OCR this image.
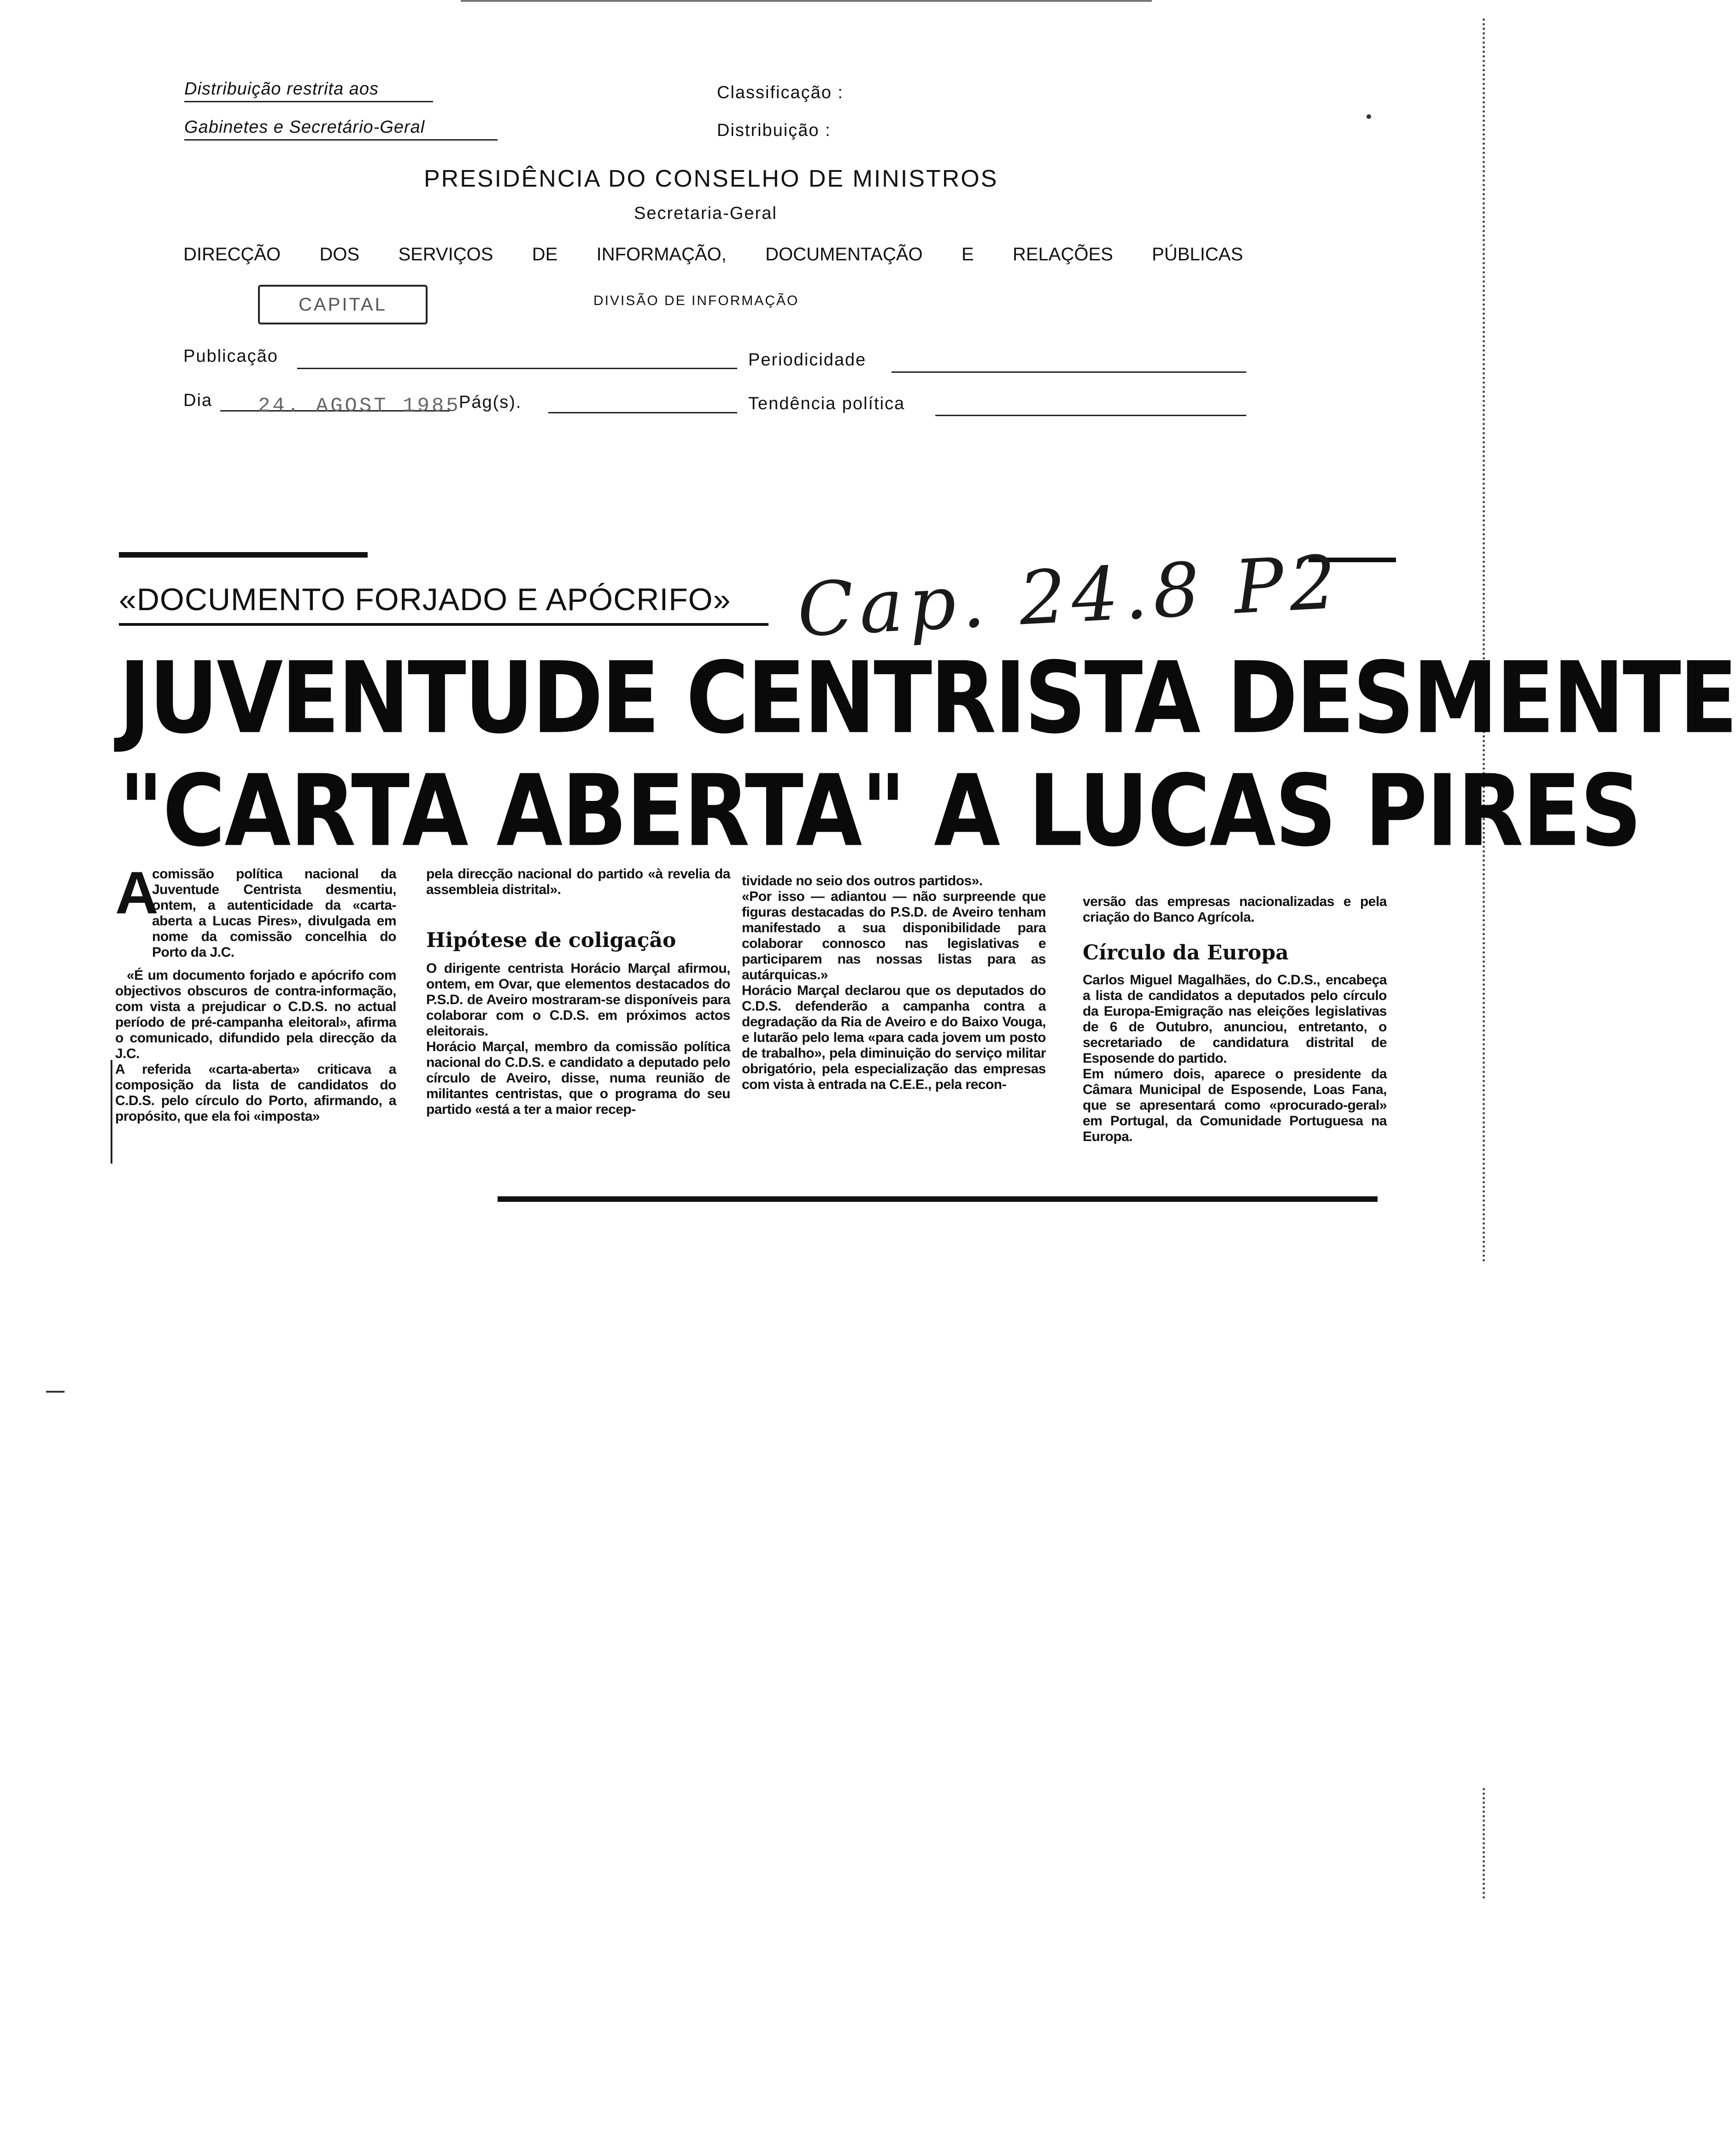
Distribuição restrita aos
Gabinetes e Secretário-Geral
Classificação :
Distribuição :
PRESIDÊNCIA DO CONSELHO DE MINISTROS
Secretaria-Geral
DIRECÇÃO DOS SERVIÇOS DE INFORMAÇÃO, DOCUMENTAÇÃO E RELAÇÕES PÚBLICAS
CAPITAL	DIVISÃO DE INFORMAÇÃO
Publicação	Periodicidade
Dia 24. AGOST 1985
Pág(s).	Tendência política
«DOCUMENTO FORJADO E APÓCRIFO» Cap. 24.8 P2
JUVENTUDE CENTRISTA DESMENTE
"CARTA ABERTA" A LUCAS PIRES
A
comissão política nacional da Juventude Centrista desmentiu, ontem, a autenticidade da «carta-aberta a Lucas Pires», divulgada em nome da comissão concelhia do Porto da J.C.
«É um documento forjado e apócrifo com objectivos obscuros de contra-informação, com vista a prejudicar o C.D.S. no actual período de pré-campanha eleitoral», afirma o comunicado, difundido pela direcção da J.C.
A referida «carta-aberta» criticava a composição da lista de candidatos do C.D.S. pelo círculo do Porto, afirmando, a propósito, que ela foi «imposta»
pela direcção nacional do partido «à revelia da assembleia distrital».
Hipótese de coligação
O dirigente centrista Horácio Marçal afirmou, ontem, em Ovar, que elementos destacados do P.S.D. de Aveiro mostraram-se disponíveis para colaborar com o C.D.S. em próximos actos eleitorais.
Horácio Marçal, membro da comissão política nacional do C.D.S. e candidato a deputado pelo círculo de Aveiro, disse, numa reunião de militantes centristas, que o programa do seu partido «está a ter a maior recep-
tividade no seio dos outros partidos».
«Por isso — adiantou — não surpreende que figuras destacadas do P.S.D. de Aveiro tenham manifestado a sua disponibilidade para colaborar connosco nas legislativas e participarem nas nossas listas para as autárquicas.»
Horácio Marçal declarou que os deputados do C.D.S. defenderão a campanha contra a degradação da Ria de Aveiro e do Baixo Vouga, e lutarão pelo lema «para cada jovem um posto de trabalho», pela diminuição do serviço militar obrigatório, pela especialização das empresas com vista à entrada na C.E.E., pela recon-
versão das empresas nacionalizadas e pela criação do Banco Agrícola.
Círculo da Europa
Carlos Miguel Magalhães, do C.D.S., encabeça a lista de candidatos a deputados pelo círculo da Europa-Emigração nas eleições legislativas de 6 de Outubro, anunciou, entretanto, o secretariado de candidatura distrital de Esposende do partido.
Em número dois, aparece o presidente da Câmara Municipal de Esposende, Loas Fana, que se apresentará como «procurado-geral» em Portugal, da Comunidade Portuguesa na Europa.
